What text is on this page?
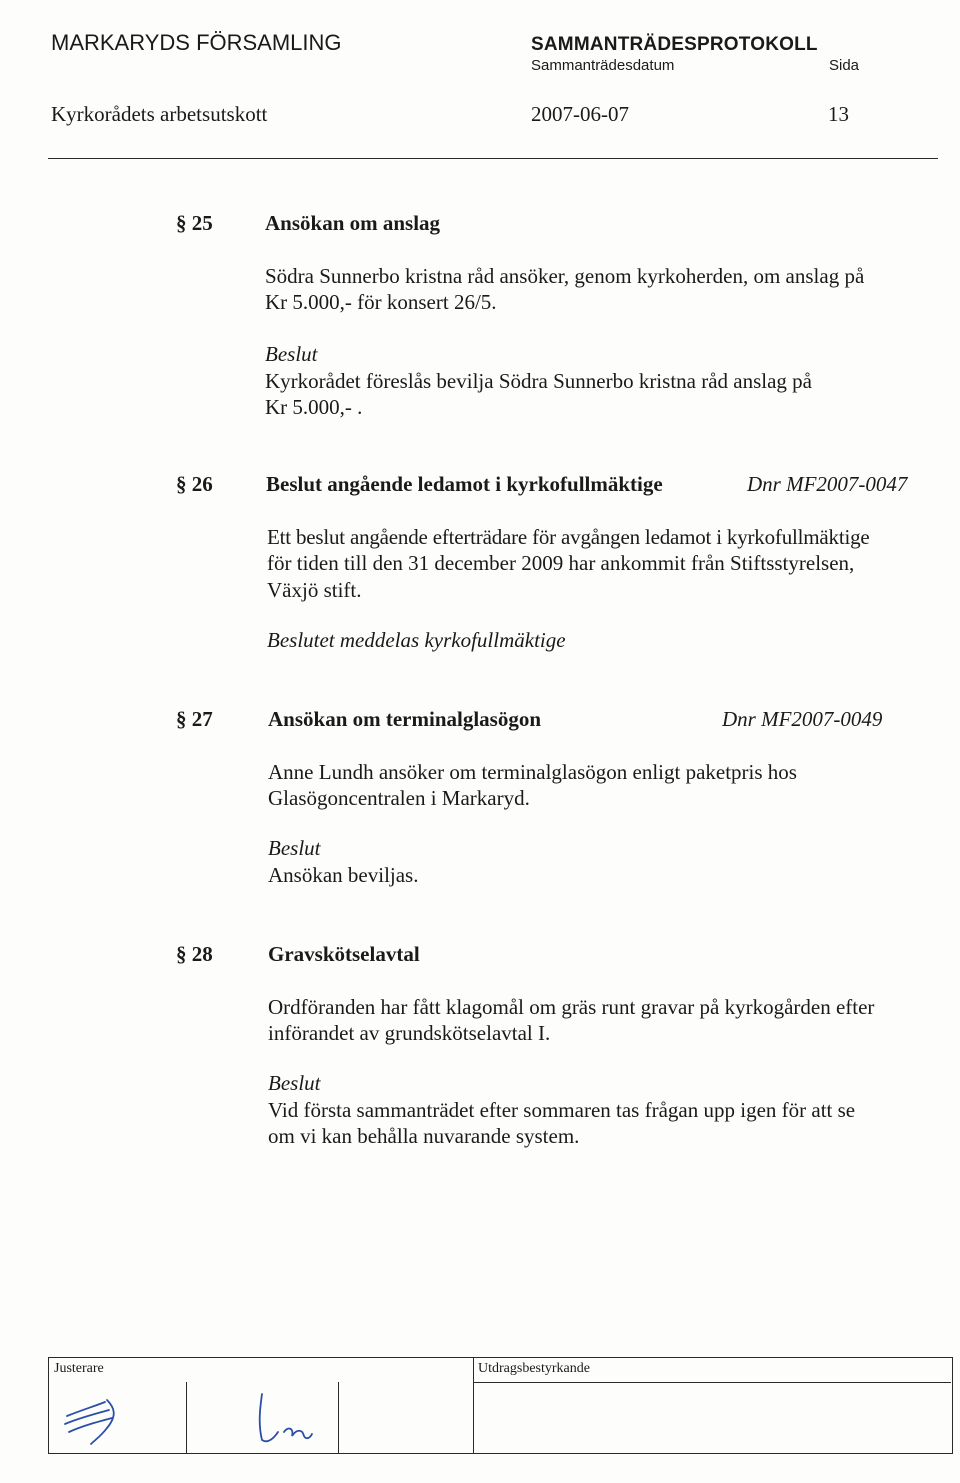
MARKARYDS FÖRSAMLING	SAMMANTRÄDESPROTOKOLL
Sammanträdesdatum	Sida
Kyrkorådets arbetsutskott	2007-06-07	13
§ 25 Ansökan om anslag
Södra Sunnerbo kristna råd ansöker, genom kyrkoherden, om anslag på
Kr 5.000,- för konsert 26/5.
Beslut
Kyrkorådet föreslås bevilja Södra Sunnerbo kristna råd anslag på
Kr 5.000,- .
§ 26	Beslut angående ledamot i kyrkofullmäktige	Dnr MF2007-0047
Ett beslut angående efterträdare för avgången ledamot i kyrkofullmäktige
för tiden till den 31 december 2009 har ankommit från Stiftsstyrelsen,
Växjö stift.
Beslutet meddelas kyrkofullmäktige
§ 27	Ansökan om terminalglasögon	Dnr MF2007-0049
Anne Lundh ansöker om terminalglasögon enligt paketpris hos
Glasögoncentralen i Markaryd.
Beslut
Ansökan beviljas.
§ 28	Gravskötselavtal
Ordföranden har fått klagomål om gräs runt gravar på kyrkogården efter
införandet av grundskötselavtal I.
Beslut
Vid första sammanträdet efter sommaren tas frågan upp igen för att se
om vi kan behålla nuvarande system.
Justerare	Utdragsbestyrkande
